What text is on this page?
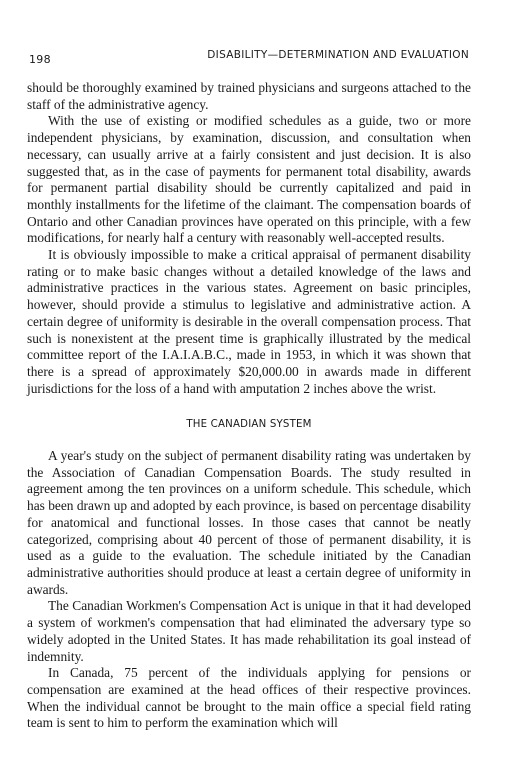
198	DISABILITY—DETERMINATION AND EVALUATION

should be thoroughly examined by trained physicians and surgeons attached to the staff of the administrative agency.

With the use of existing or modified schedules as a guide, two or more independent physicians, by examination, discussion, and consultation when necessary, can usually arrive at a fairly consistent and just decision. It is also suggested that, as in the case of payments for permanent total disability, awards for permanent partial disability should be currently capitalized and paid in monthly installments for the lifetime of the claimant. The compensation boards of Ontario and other Canadian provinces have operated on this principle, with a few modifications, for nearly half a century with reasonably well-accepted results.

It is obviously impossible to make a critical appraisal of permanent disability rating or to make basic changes without a detailed knowledge of the laws and administrative practices in the various states. Agreement on basic principles, however, should provide a stimulus to legislative and administrative action. A certain degree of uniformity is desirable in the overall compensation process. That such is nonexistent at the present time is graphically illustrated by the medical committee report of the I.A.I.A.B.C., made in 1953, in which it was shown that there is a spread of approximately $20,000.00 in awards made in different jurisdictions for the loss of a hand with amputation 2 inches above the wrist.

THE CANADIAN SYSTEM

A year's study on the subject of permanent disability rating was undertaken by the Association of Canadian Compensation Boards. The study resulted in agreement among the ten provinces on a uniform schedule. This schedule, which has been drawn up and adopted by each province, is based on percentage disability for anatomical and functional losses. In those cases that cannot be neatly categorized, comprising about 40 percent of those of permanent disability, it is used as a guide to the evaluation. The schedule initiated by the Canadian administrative authorities should produce at least a certain degree of uniformity in awards.

The Canadian Workmen's Compensation Act is unique in that it had developed a system of workmen's compensation that had eliminated the adversary type so widely adopted in the United States. It has made rehabilitation its goal instead of indemnity.

In Canada, 75 percent of the individuals applying for pensions or compensation are examined at the head offices of their respective provinces. When the individual cannot be brought to the main office a special field rating team is sent to him to perform the examination which will
